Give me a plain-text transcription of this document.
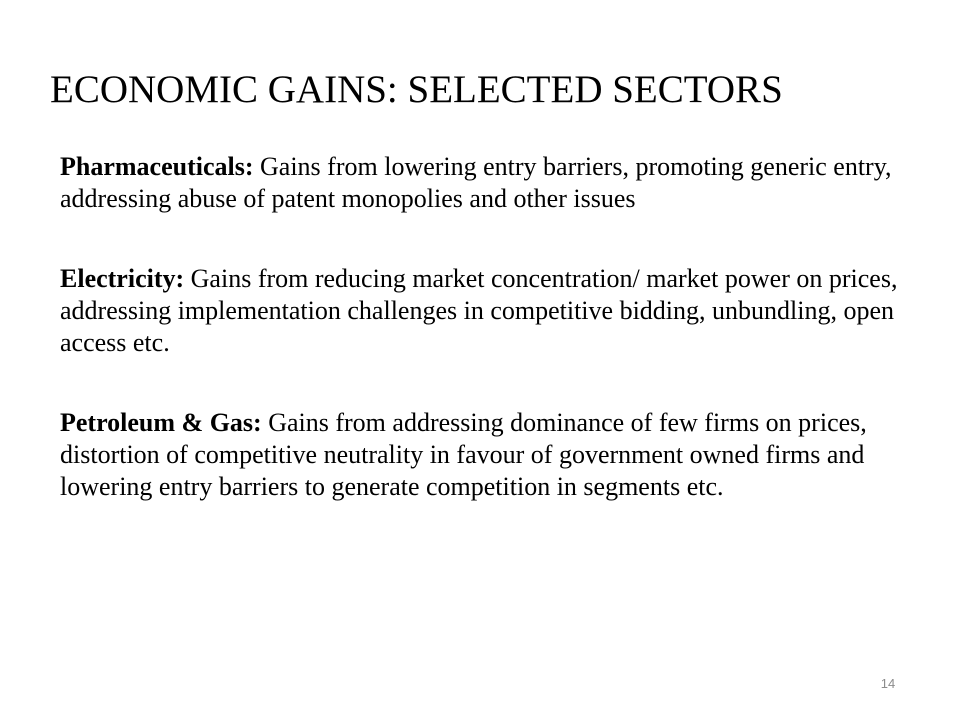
ECONOMIC GAINS: SELECTED SECTORS

Pharmaceuticals: Gains from lowering entry barriers, promoting generic entry, addressing abuse of patent monopolies and other issues

Electricity: Gains from reducing market concentration/ market power on prices, addressing implementation challenges in competitive bidding, unbundling, open access etc.

Petroleum & Gas: Gains from addressing dominance of few firms on prices, distortion of competitive neutrality in favour of government owned firms and lowering entry barriers to generate competition in segments etc.

14
